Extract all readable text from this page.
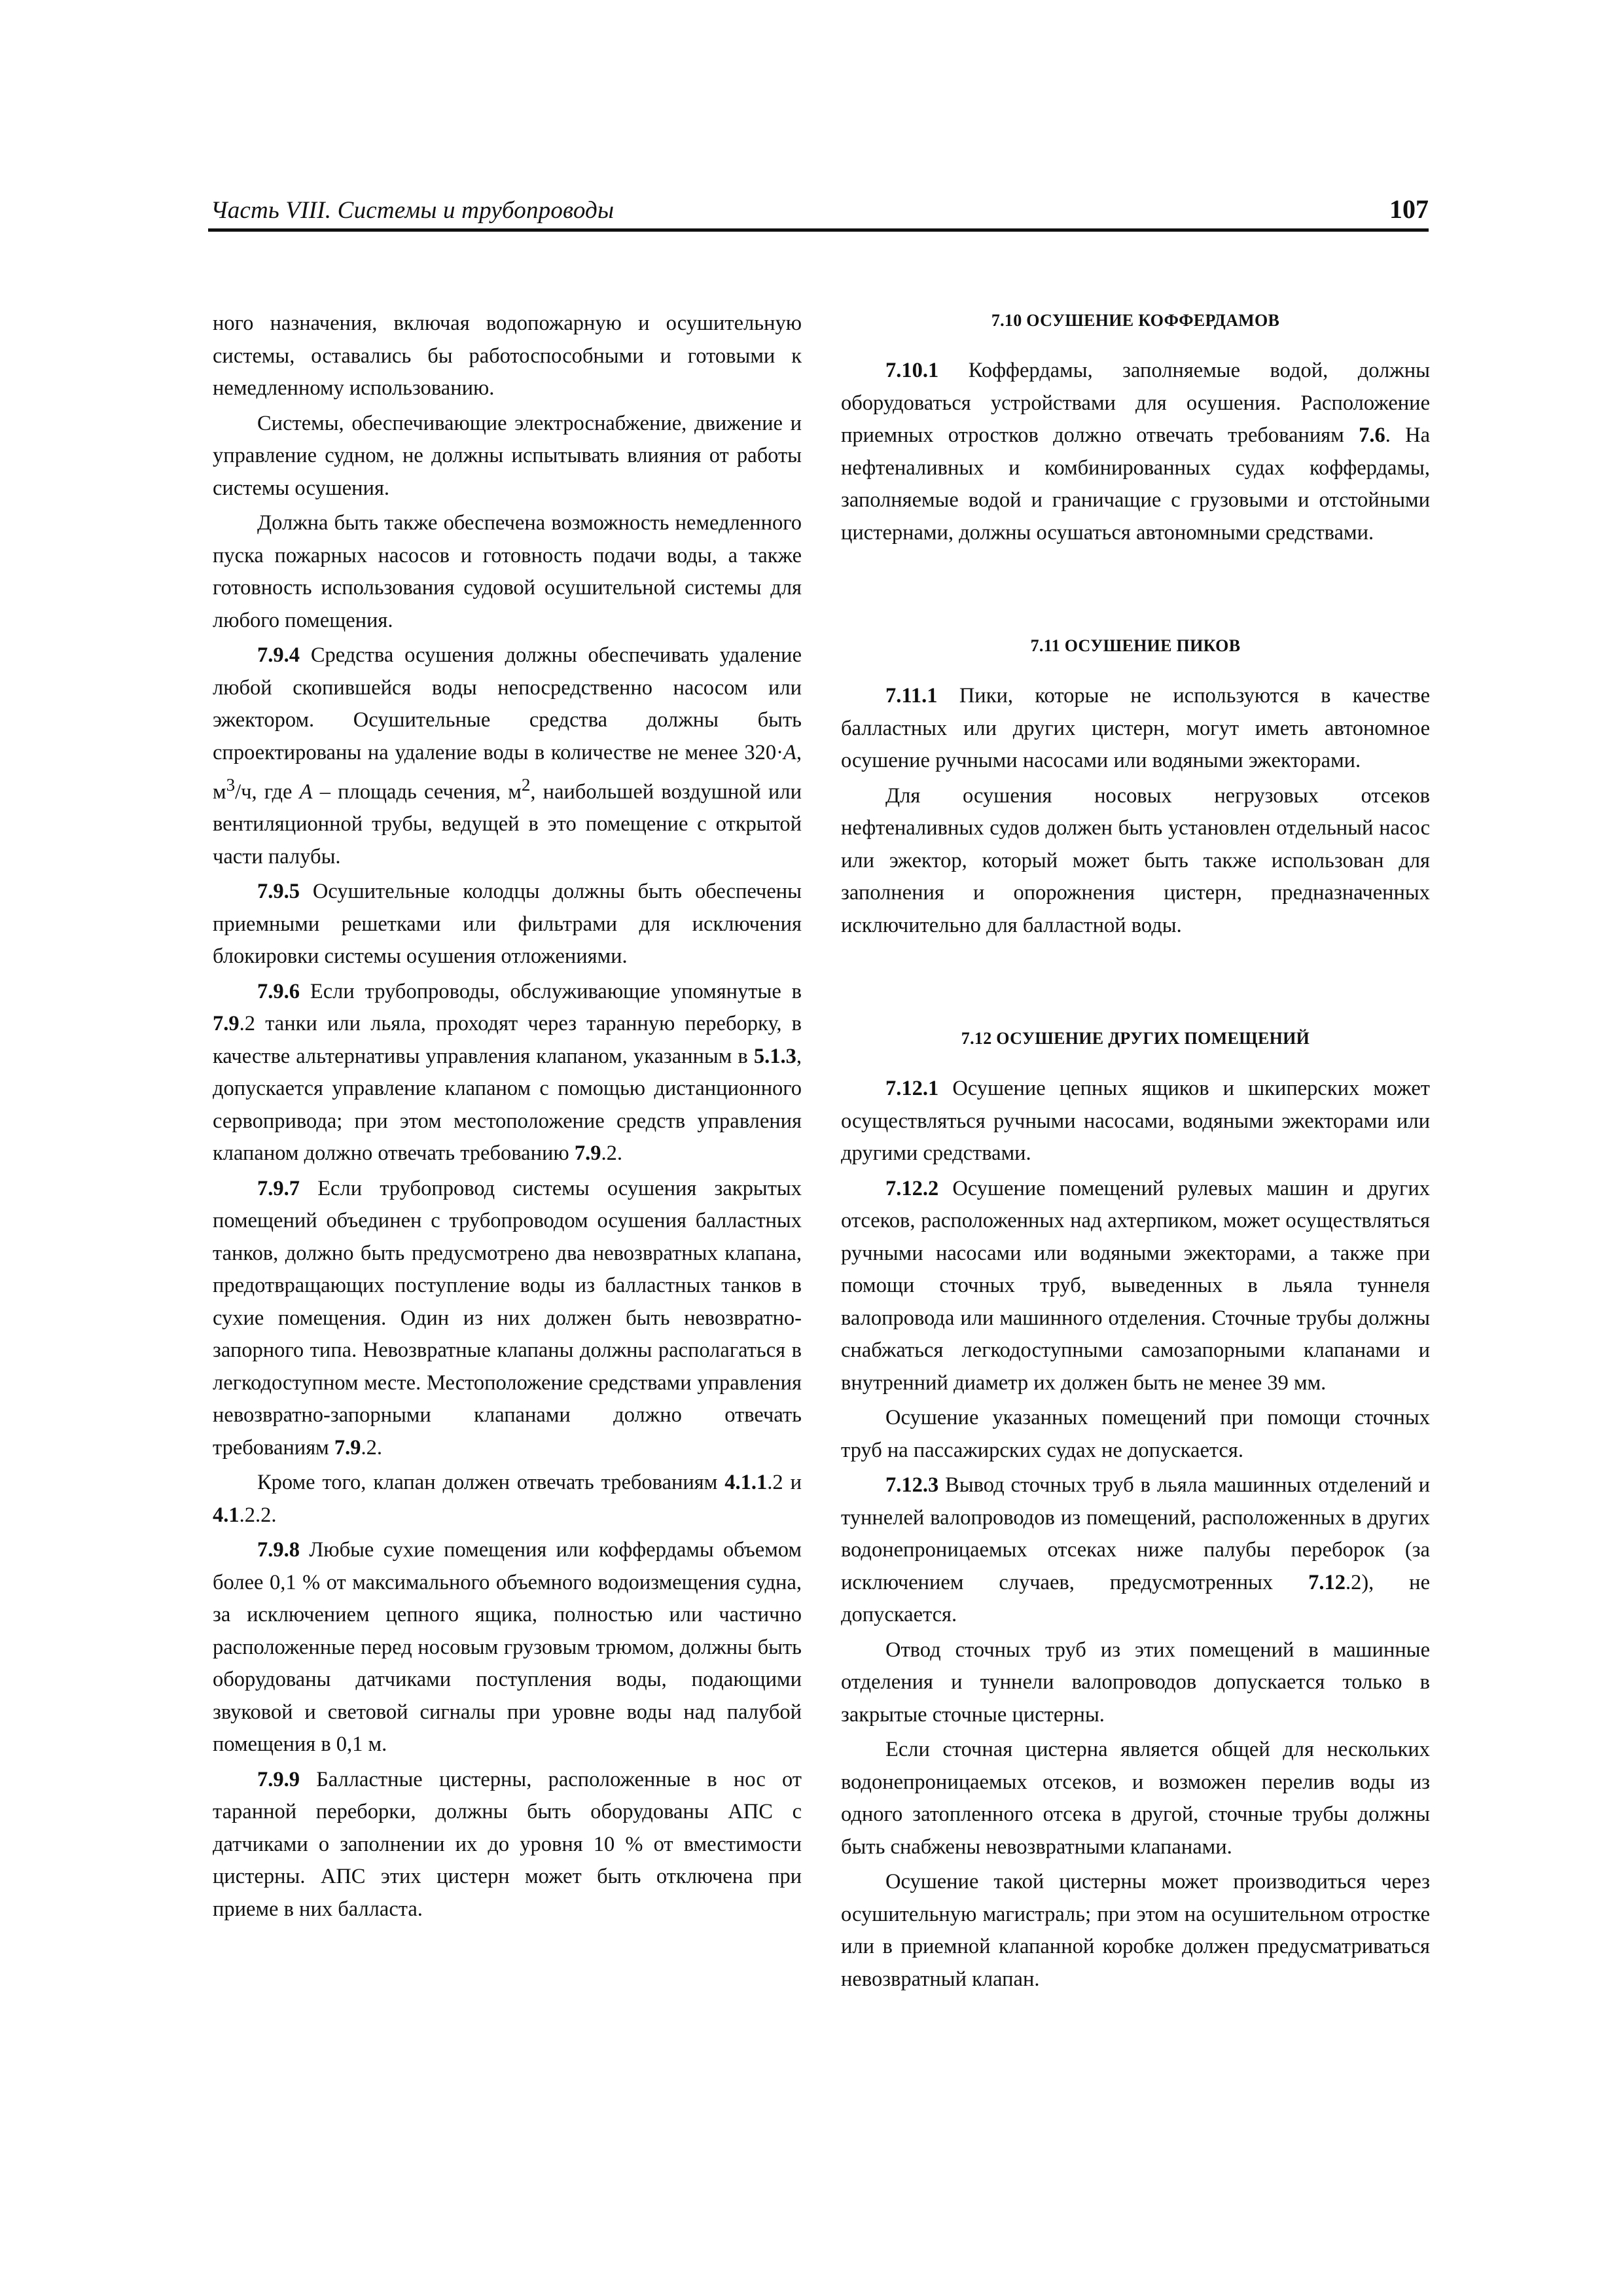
Часть VIII. Системы и трубопроводы	107

ного назначения, включая водопожарную и осушительную системы, оставались бы работоспособными и готовыми к немедленному использованию.

Системы, обеспечивающие электроснабжение, движение и управление судном, не должны испытывать влияния от работы системы осушения.

Должна быть также обеспечена возможность немедленного пуска пожарных насосов и готовность подачи воды, а также готовность использования судовой осушительной системы для любого помещения.

7.9.4 Средства осушения должны обеспечивать удаление любой скопившейся воды непосредственно насосом или эжектором. Осушительные средства должны быть спроектированы на удаление воды в количестве не менее 320·A, $м^3/ч$, где A – площадь сечения, $м^2$, наибольшей воздушной или вентиляционной трубы, ведущей в это помещение с открытой части палубы.

7.9.5 Осушительные колодцы должны быть обеспечены приемными решетками или фильтрами для исключения блокировки системы осушения отложениями.

7.9.6 Если трубопроводы, обслуживающие упомянутые в 7.9.2 танки или льяла, проходят через таранную переборку, в качестве альтернативы управления клапаном, указанным в 5.1.3, допускается управление клапаном с помощью дистанционного сервопривода; при этом местоположение средств управления клапаном должно отвечать требованию 7.9.2.

7.9.7 Если трубопровод системы осушения закрытых помещений объединен с трубопроводом осушения балластных танков, должно быть предусмотрено два невозвратных клапана, предотвращающих поступление воды из балластных танков в сухие помещения. Один из них должен быть невозвратно-запорного типа. Невозвратные клапаны должны располагаться в легкодоступном месте. Местоположение средствами управления невозвратно-запорными клапанами должно отвечать требованиям 7.9.2.

Кроме того, клапан должен отвечать требованиям 4.1.1.2 и 4.1.2.2.

7.9.8 Любые сухие помещения или коффердамы объемом более 0,1 % от максимального объемного водоизмещения судна, за исключением цепного ящика, полностью или частично расположенные перед носовым грузовым трюмом, должны быть оборудованы датчиками поступления воды, подающими звуковой и световой сигналы при уровне воды над палубой помещения в 0,1 м.

7.9.9 Балластные цистерны, расположенные в нос от таранной переборки, должны быть оборудованы АПС с датчиками о заполнении их до уровня 10 % от вместимости цистерны. АПС этих цистерн может быть отключена при приеме в них балласта.

7.10 ОСУШЕНИЕ КОФФЕРДАМОВ

7.10.1 Коффердамы, заполняемые водой, должны оборудоваться устройствами для осушения. Расположение приемных отростков должно отвечать требованиям 7.6. На нефтеналивных и комбинированных судах коффердамы, заполняемые водой и граничащие с грузовыми и отстойными цистернами, должны осушаться автономными средствами.

7.11 ОСУШЕНИЕ ПИКОВ

7.11.1 Пики, которые не используются в качестве балластных или других цистерн, могут иметь автономное осушение ручными насосами или водяными эжекторами.

Для осушения носовых негрузовых отсеков нефтеналивных судов должен быть установлен отдельный насос или эжектор, который может быть также использован для заполнения и опорожнения цистерн, предназначенных исключительно для балластной воды.

7.12 ОСУШЕНИЕ ДРУГИХ ПОМЕЩЕНИЙ

7.12.1 Осушение цепных ящиков и шкиперских может осуществляться ручными насосами, водяными эжекторами или другими средствами.

7.12.2 Осушение помещений рулевых машин и других отсеков, расположенных над ахтерпиком, может осуществляться ручными насосами или водяными эжекторами, а также при помощи сточных труб, выведенных в льяла туннеля валопровода или машинного отделения. Сточные трубы должны снабжаться легкодоступными самозапорными клапанами и внутренний диаметр их должен быть не менее 39 мм.

Осушение указанных помещений при помощи сточных труб на пассажирских судах не допускается.

7.12.3 Вывод сточных труб в льяла машинных отделений и туннелей валопроводов из помещений, расположенных в других водонепроницаемых отсеках ниже палубы переборок (за исключением случаев, предусмотренных 7.12.2), не допускается.

Отвод сточных труб из этих помещений в машинные отделения и туннели валопроводов допускается только в закрытые сточные цистерны.

Если сточная цистерна является общей для нескольких водонепроницаемых отсеков, и возможен перелив воды из одного затопленного отсека в другой, сточные трубы должны быть снабжены невозвратными клапанами.

Осушение такой цистерны может производиться через осушительную магистраль; при этом на осушительном отростке или в приемной клапанной коробке должен предусматриваться невозвратный клапан.
